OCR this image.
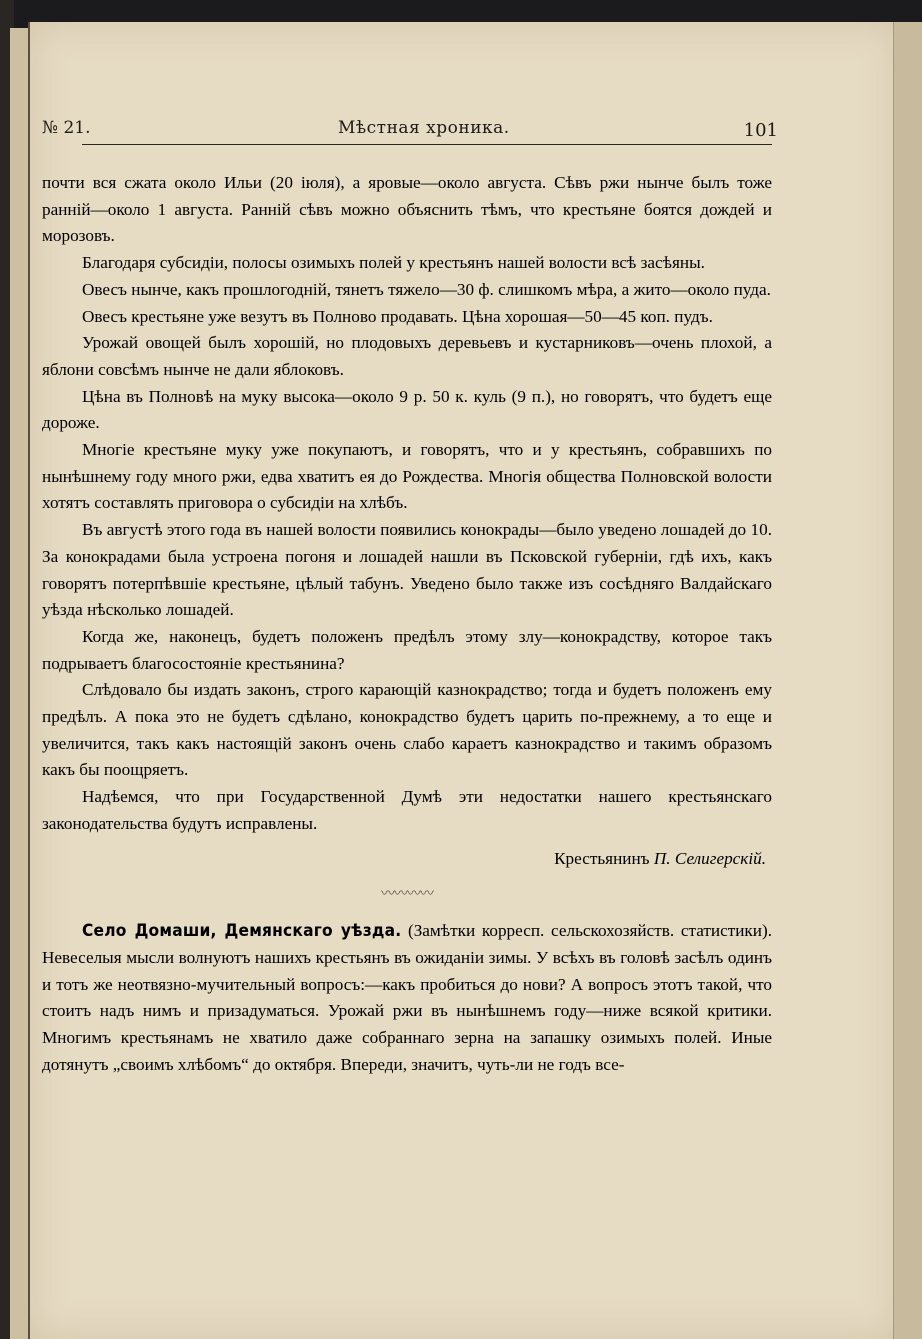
№ 21.	Мѣстная хроника.	101

почти вся сжата около Ильи (20 іюля), а яровые—около августа. Сѣвъ ржи нынче былъ тоже ранній—около 1 августа. Ранній сѣвъ можно объяснить тѣмъ, что крестьяне боятся дождей и морозовъ.

Благодаря субсидіи, полосы озимыхъ полей у крестьянъ нашей волости всѣ засѣяны.

Овесъ нынче, какъ прошлогодній, тянетъ тяжело—30 ф. слишкомъ мѣра, а жито—около пуда.

Овесъ крестьяне уже везутъ въ Полново продавать. Цѣна хорошая—50—45 коп. пудъ.

Урожай овощей былъ хорошій, но плодовыхъ деревьевъ и кустарниковъ—очень плохой, а яблони совсѣмъ нынче не дали яблоковъ.

Цѣна въ Полновѣ на муку высока—около 9 р. 50 к. куль (9 п.), но говорятъ, что будетъ еще дороже.

Многіе крестьяне муку уже покупаютъ, и говорятъ, что и у крестьянъ, собравшихъ по нынѣшнему году много ржи, едва хватитъ ея до Рождества. Многія общества Полновской волости хотятъ составлять приговора о субсидіи на хлѣбъ.

Въ августѣ этого года въ нашей волости появились конокрады—было уведено лошадей до 10. За конокрадами была устроена погоня и лошадей нашли въ Псковской губерніи, гдѣ ихъ, какъ говорятъ потерпѣвшіе крестьяне, цѣлый табунъ. Уведено было также изъ сосѣдняго Валдайскаго уѣзда нѣсколько лошадей.

Когда же, наконецъ, будетъ положенъ предѣлъ этому злу—конокрадству, которое такъ подрываетъ благосостояніе крестьянина?

Слѣдовало бы издать законъ, строго карающій казнокрадство; тогда и будетъ положенъ ему предѣлъ. А пока это не будетъ сдѣлано, конокрадство будетъ царить по-прежнему, а то еще и увеличится, такъ какъ настоящій законъ очень слабо караетъ казнокрадство и такимъ образомъ какъ бы поощряетъ.

Надѣемся, что при Государственной Думѣ эти недостатки нашего крестьянскаго законодательства будутъ исправлены.

Крестьянинъ П. Селигерскій.
〰〰〰〰

Село Домаши, Демянскаго уѣзда. (Замѣтки корресп. сельскохозяйств. статистики). Невеселыя мысли волнуютъ нашихъ крестьянъ въ ожиданіи зимы. У всѣхъ въ головѣ засѣлъ одинъ и тотъ же неотвязно-мучительный вопросъ:—какъ пробиться до нови? А вопросъ этотъ такой, что стоитъ надъ нимъ и призадуматься. Урожай ржи въ нынѣшнемъ году—ниже всякой критики. Многимъ крестьянамъ не хватило даже собраннаго зерна на запашку озимыхъ полей. Иные дотянутъ „своимъ хлѣбомъ“ до октября. Впереди, значитъ, чуть-ли не годъ все-
